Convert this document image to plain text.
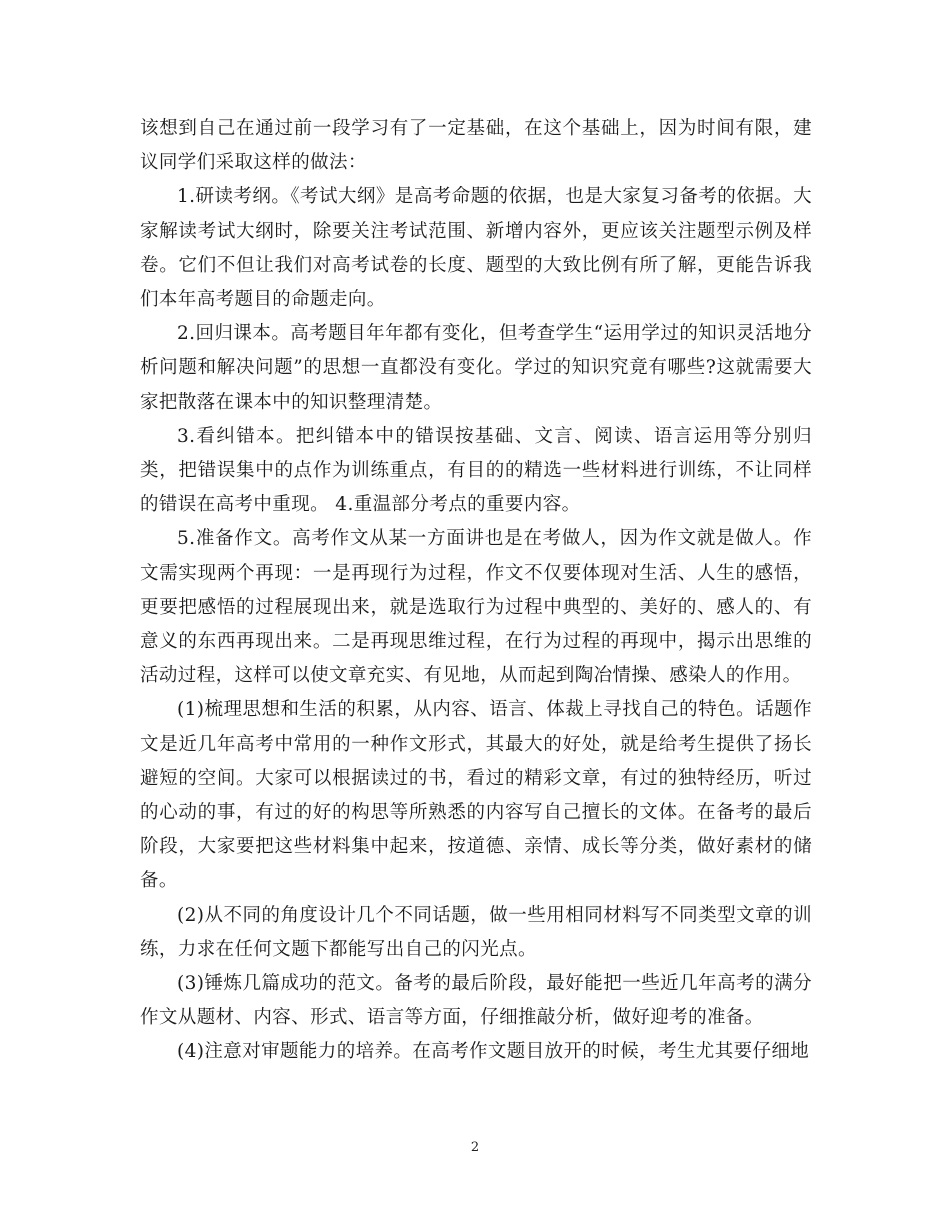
该想到自己在通过前一段学习有了一定基础，在这个基础上，因为时间有限，建议同学们采取这样的做法：

1.研读考纲。《考试大纲》是高考命题的依据，也是大家复习备考的依据。大家解读考试大纲时，除要关注考试范围、新增内容外，更应该关注题型示例及样卷。它们不但让我们对高考试卷的长度、题型的大致比例有所了解，更能告诉我们本年高考题目的命题走向。

2.回归课本。高考题目年年都有变化，但考查学生“运用学过的知识灵活地分析问题和解决问题”的思想一直都没有变化。学过的知识究竟有哪些?这就需要大家把散落在课本中的知识整理清楚。

3.看纠错本。把纠错本中的错误按基础、文言、阅读、语言运用等分别归类，把错误集中的点作为训练重点，有目的的精选一些材料进行训练，不让同样的错误在高考中重现。 4.重温部分考点的重要内容。

5.准备作文。高考作文从某一方面讲也是在考做人，因为作文就是做人。作文需实现两个再现：一是再现行为过程，作文不仅要体现对生活、人生的感悟，更要把感悟的过程展现出来，就是选取行为过程中典型的、美好的、感人的、有意义的东西再现出来。二是再现思维过程，在行为过程的再现中，揭示出思维的活动过程，这样可以使文章充实、有见地，从而起到陶冶情操、感染人的作用。

(1)梳理思想和生活的积累，从内容、语言、体裁上寻找自己的特色。话题作文是近几年高考中常用的一种作文形式，其最大的好处，就是给考生提供了扬长避短的空间。大家可以根据读过的书，看过的精彩文章，有过的独特经历，听过的心动的事，有过的好的构思等所熟悉的内容写自己擅长的文体。在备考的最后阶段，大家要把这些材料集中起来，按道德、亲情、成长等分类，做好素材的储备。

(2)从不同的角度设计几个不同话题，做一些用相同材料写不同类型文章的训练，力求在任何文题下都能写出自己的闪光点。

(3)锤炼几篇成功的范文。备考的最后阶段，最好能把一些近几年高考的满分作文从题材、内容、形式、语言等方面，仔细推敲分析，做好迎考的准备。

(4)注意对审题能力的培养。在高考作文题目放开的时候，考生尤其要仔细地

2
